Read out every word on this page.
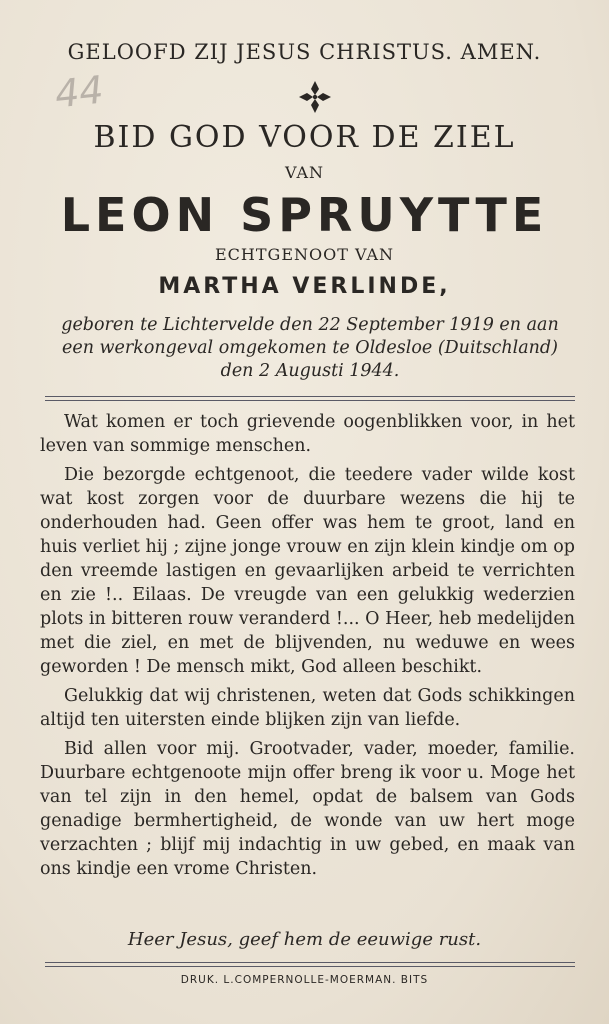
GELOOFD ZIJ JESUS CHRISTUS. AMEN.
44
BID GOD VOOR DE ZIEL
VAN
LEON SPRUYTTE
ECHTGENOOT VAN
MARTHA VERLINDE,
geboren te Lichtervelde den 22 September 1919 en aan
een werkongeval omgekomen te Oldesloe (Duitschland)
den 2 Augusti 1944.

Wat komen er toch grievende oogenblikken voor, in het leven van sommige menschen.

Die bezorgde echtgenoot, die teedere vader wilde kost wat kost zorgen voor de duurbare wezens die hij te onderhouden had. Geen offer was hem te groot, land en huis verliet hij ; zijne jonge vrouw en zijn klein kindje om op den vreemde lastigen en gevaarlijken arbeid te verrichten en zie !.. Eilaas. De vreugde van een gelukkig wederzien plots in bitteren rouw veranderd !... O Heer, heb medelijden met die ziel, en met de blijvenden, nu weduwe en wees geworden ! De mensch mikt, God alleen beschikt.

Gelukkig dat wij christenen, weten dat Gods schikkingen altijd ten uitersten einde blijken zijn van liefde.

Bid allen voor mij. Grootvader, vader, moeder, familie. Duurbare echtgenoote mijn offer breng ik voor u. Moge het van tel zijn in den hemel, opdat de balsem van Gods genadige bermhertigheid, de wonde van uw hert moge verzachten ; blijf mij indachtig in uw gebed, en maak van ons kindje een vrome Christen.

Heer Jesus, geef hem de eeuwige rust.
DRUK. L.COMPERNOLLE-MOERMAN. BITS
